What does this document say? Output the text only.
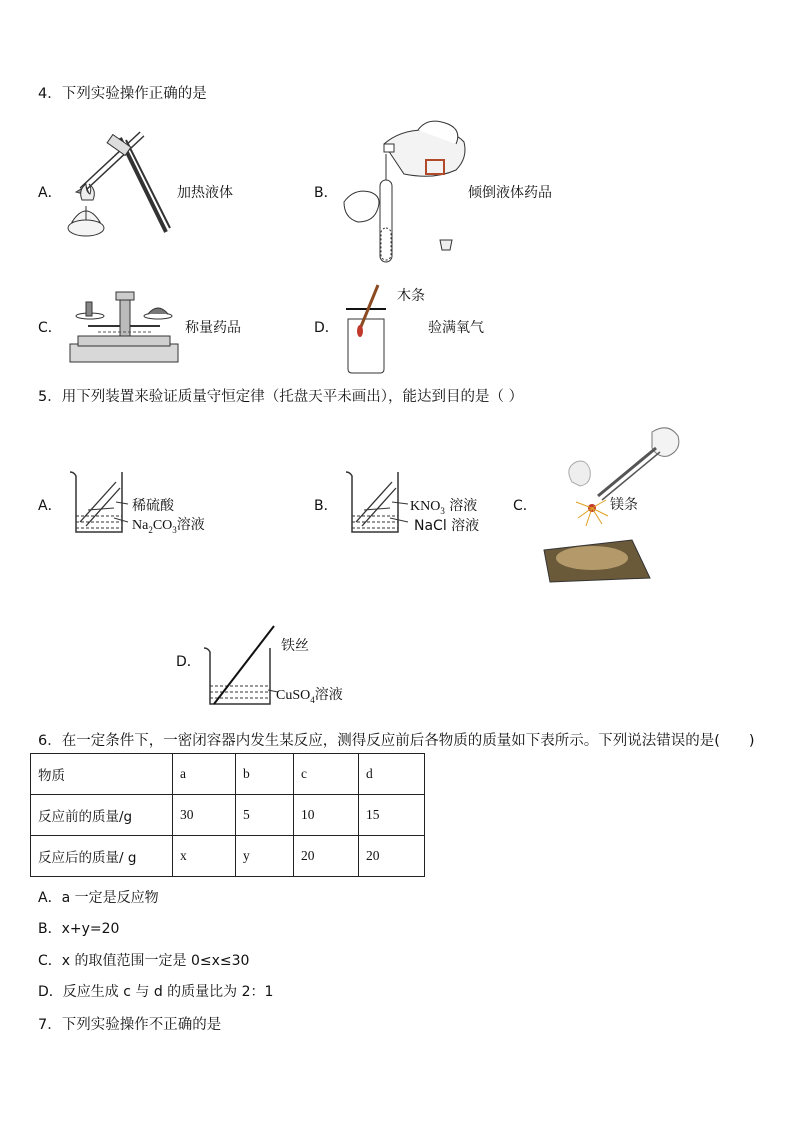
4．下列实验操作正确的是
A．	加热液体	B．	倾倒液体药品
C．	称量药品	D．
木条
验满氧气
5．用下列装置来验证质量守恒定律（托盘天平未画出），能达到目的是（ ）
A．	稀硫酸
$Na_2CO_3$溶液
B．	$KNO_3$ 溶液
NaCl 溶液
C．	镁条
D．
铁丝
CuSO$_4$溶液
6．在一定条件下，一密闭容器内发生某反应，测得反应前后各物质的质量如下表所示。下列说法错误的是(　　)
物质	a	b	c	d
反应前的质量/g	30	5	10	15
反应后的质量/ g	x	y	20	20
A．a 一定是反应物
B．x+y=20
C．x 的取值范围一定是 0≤x≤30
D．反应生成 c 与 d 的质量比为 2：1
7．下列实验操作不正确的是
